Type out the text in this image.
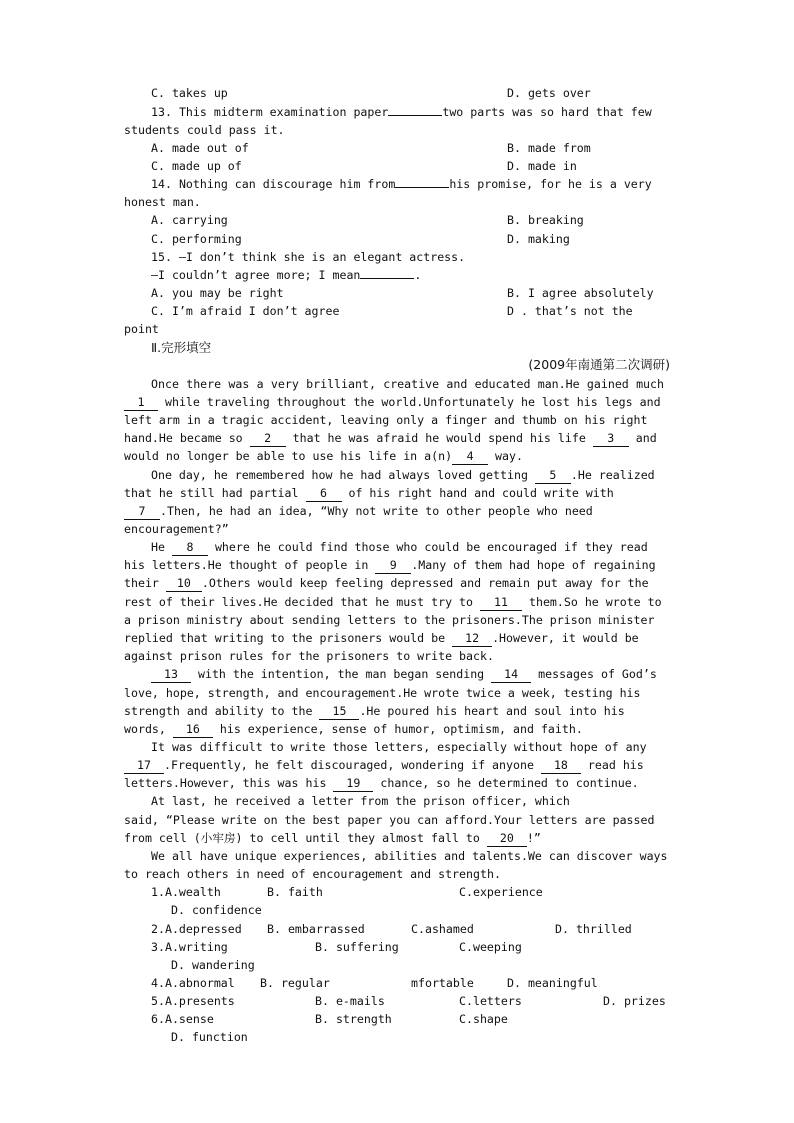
C. takes up	D. gets over
13. This midterm examination paper	two parts was so hard that few
students could pass it.
A. made out of	B. made from
C. made up of	D. made in
14. Nothing can discourage him from	his promise, for he is a very
honest man.
A. carrying	B. breaking
C. performing	D. making
15. —I don’t think she is an elegant actress.
—I couldn’t agree more; I mean	.
A. you may be right	B. I agree absolutely
C. I’m afraid I don’t agree	D . that’s not the
point
Ⅱ.完形填空
(2009年南通第二次调研)
Once there was a very brilliant, creative and educated man.He gained much
1 while traveling throughout the world.Unfortunately he lost his legs and
left arm in a tragic accident, leaving only a finger and thumb on his right
hand.He became so 2 that he was afraid he would spend his life 3 and
would no longer be able to use his life in a(n) 4 way.
One day, he remembered how he had always loved getting 5 .He realized
that he still had partial 6 of his right hand and could write with
7 .Then, he had an idea, “Why not write to other people who need
encouragement?”
He 8 where he could find those who could be encouraged if they read
his letters.He thought of people in 9 .Many of them had hope of regaining
their 10 .Others would keep feeling depressed and remain put away for the
rest of their lives.He decided that he must try to 11 them.So he wrote to
a prison ministry about sending letters to the prisoners.The prison minister
replied that writing to the prisoners would be 12 .However, it would be
against prison rules for the prisoners to write back.
13 with the intention, the man began sending 14 messages of God’s
love, hope, strength, and encouragement.He wrote twice a week, testing his
strength and ability to the 15 .He poured his heart and soul into his
words, 16 his experience, sense of humor, optimism, and faith.
It was difficult to write those letters, especially without hope of any
17 .Frequently, he felt discouraged, wondering if anyone 18 read his
letters.However, this was his 19 chance, so he determined to continue.
At last, he received a letter from the prison officer, which
said, “Please write on the best paper you can afford.Your letters are passed
from cell (小牢房) to cell until they almost fall to 20 !”
We all have unique experiences, abilities and talents.We can discover ways
to reach others in need of encouragement and strength.
1.A.wealth	B. faith	C.experience
D. confidence
2.A.depressed	B. embarrassed	C.ashamed	D. thrilled
3.A.writing	B. suffering	C.weeping
D. wandering
4.A.abnormal	B. regular	mfortable	D. meaningful
5.A.presents	B. e-mails	C.letters	D. prizes
6.A.sense	B. strength	C.shape
D. function
